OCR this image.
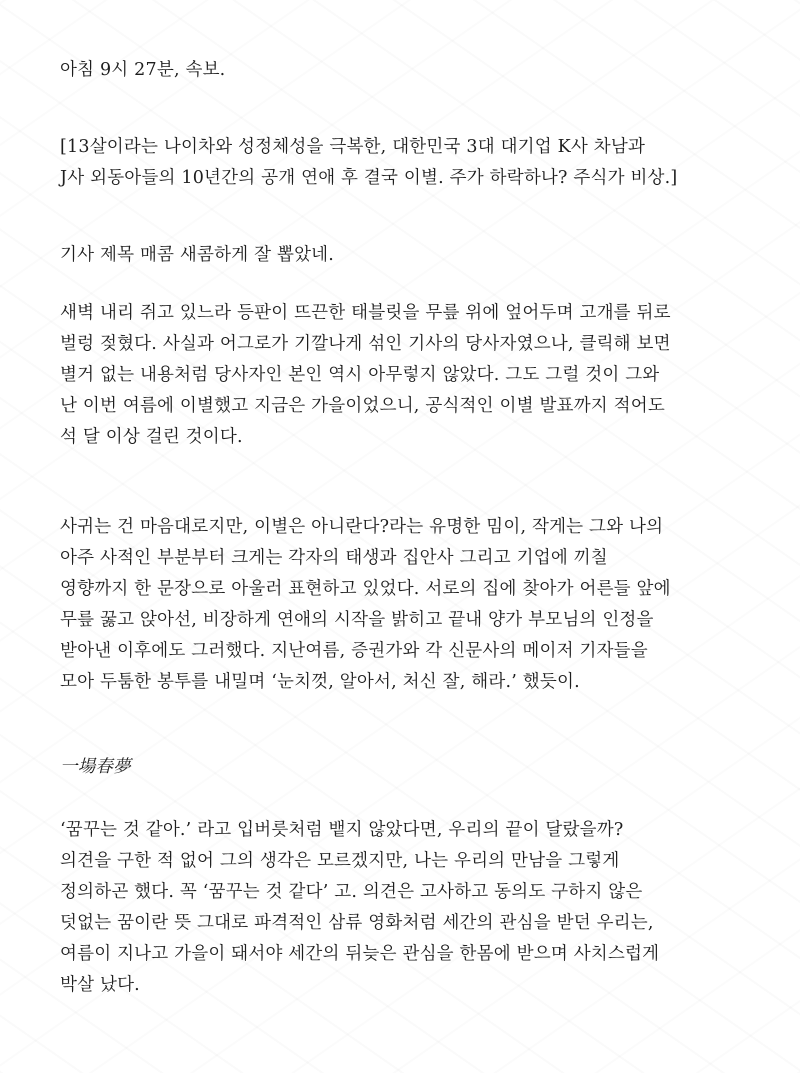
아침 9시 27분, 속보.

[13살이라는 나이차와 성정체성을 극복한, 대한민국 3대 대기업 K사 차남과
J사 외동아들의 10년간의 공개 연애 후 결국 이별. 주가 하락하나? 주식가 비상.]

기사 제목 매콤 새콤하게 잘 뽑았네.

새벽 내리 쥐고 있느라 등판이 뜨끈한 태블릿을 무릎 위에 엎어두며 고개를 뒤로
벌렁 젖혔다. 사실과 어그로가 기깔나게 섞인 기사의 당사자였으나, 클릭해 보면
별거 없는 내용처럼 당사자인 본인 역시 아무렇지 않았다. 그도 그럴 것이 그와
난 이번 여름에 이별했고 지금은 가을이었으니, 공식적인 이별 발표까지 적어도
석 달 이상 걸린 것이다.

사귀는 건 마음대로지만, 이별은 아니란다?라는 유명한 밈이, 작게는 그와 나의
아주 사적인 부분부터 크게는 각자의 태생과 집안사 그리고 기업에 끼칠
영향까지 한 문장으로 아울러 표현하고 있었다. 서로의 집에 찾아가 어른들 앞에
무릎 꿇고 앉아선, 비장하게 연애의 시작을 밝히고 끝내 양가 부모님의 인정을
받아낸 이후에도 그러했다. 지난여름, 증권가와 각 신문사의 메이저 기자들을
모아 두툼한 봉투를 내밀며 ‘눈치껏, 알아서, 처신 잘, 해라.’ 했듯이.

一場春夢

‘꿈꾸는 것 같아.’ 라고 입버릇처럼 뱉지 않았다면, 우리의 끝이 달랐을까?
의견을 구한 적 없어 그의 생각은 모르겠지만, 나는 우리의 만남을 그렇게
정의하곤 했다. 꼭 ‘꿈꾸는 것 같다’ 고. 의견은 고사하고 동의도 구하지 않은
덧없는 꿈이란 뜻 그대로 파격적인 삼류 영화처럼 세간의 관심을 받던 우리는,
여름이 지나고 가을이 돼서야 세간의 뒤늦은 관심을 한몸에 받으며 사치스럽게
박살 났다.
